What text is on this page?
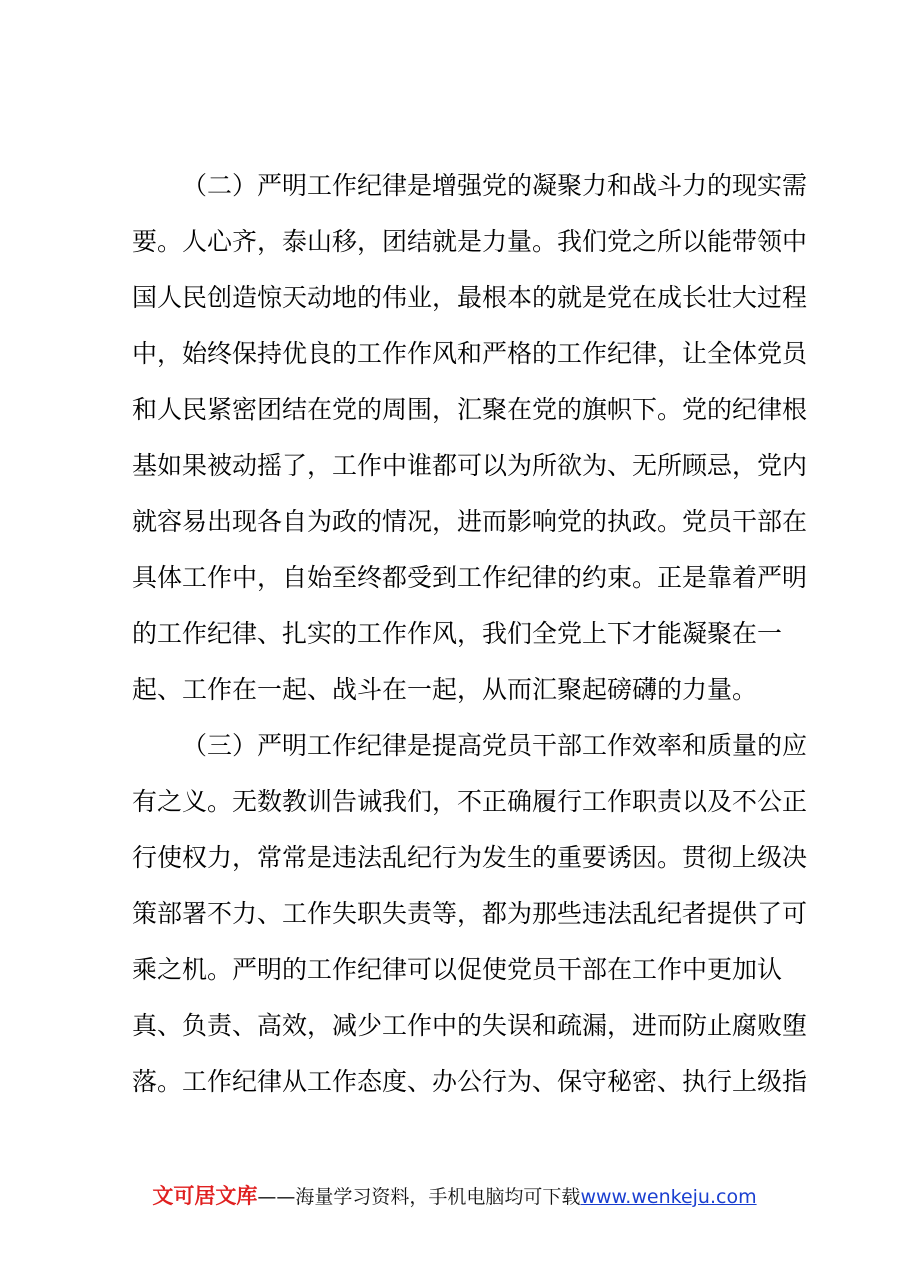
（二）严明工作纪律是增强党的凝聚力和战斗力的现实需
要。人心齐，泰山移，团结就是力量。我们党之所以能带领中
国人民创造惊天动地的伟业，最根本的就是党在成长壮大过程
中，始终保持优良的工作作风和严格的工作纪律，让全体党员
和人民紧密团结在党的周围，汇聚在党的旗帜下。党的纪律根
基如果被动摇了，工作中谁都可以为所欲为、无所顾忌，党内
就容易出现各自为政的情况，进而影响党的执政。党员干部在
具体工作中，自始至终都受到工作纪律的约束。正是靠着严明
的工作纪律、扎实的工作作风，我们全党上下才能凝聚在一
起、工作在一起、战斗在一起，从而汇聚起磅礴的力量。
（三）严明工作纪律是提高党员干部工作效率和质量的应
有之义。无数教训告诫我们，不正确履行工作职责以及不公正
行使权力，常常是违法乱纪行为发生的重要诱因。贯彻上级决
策部署不力、工作失职失责等，都为那些违法乱纪者提供了可
乘之机。严明的工作纪律可以促使党员干部在工作中更加认
真、负责、高效，减少工作中的失误和疏漏，进而防止腐败堕
落。工作纪律从工作态度、办公行为、保守秘密、执行上级指
文可居文库——海量学习资料，手机电脑均可下载www.wenkeju.com
